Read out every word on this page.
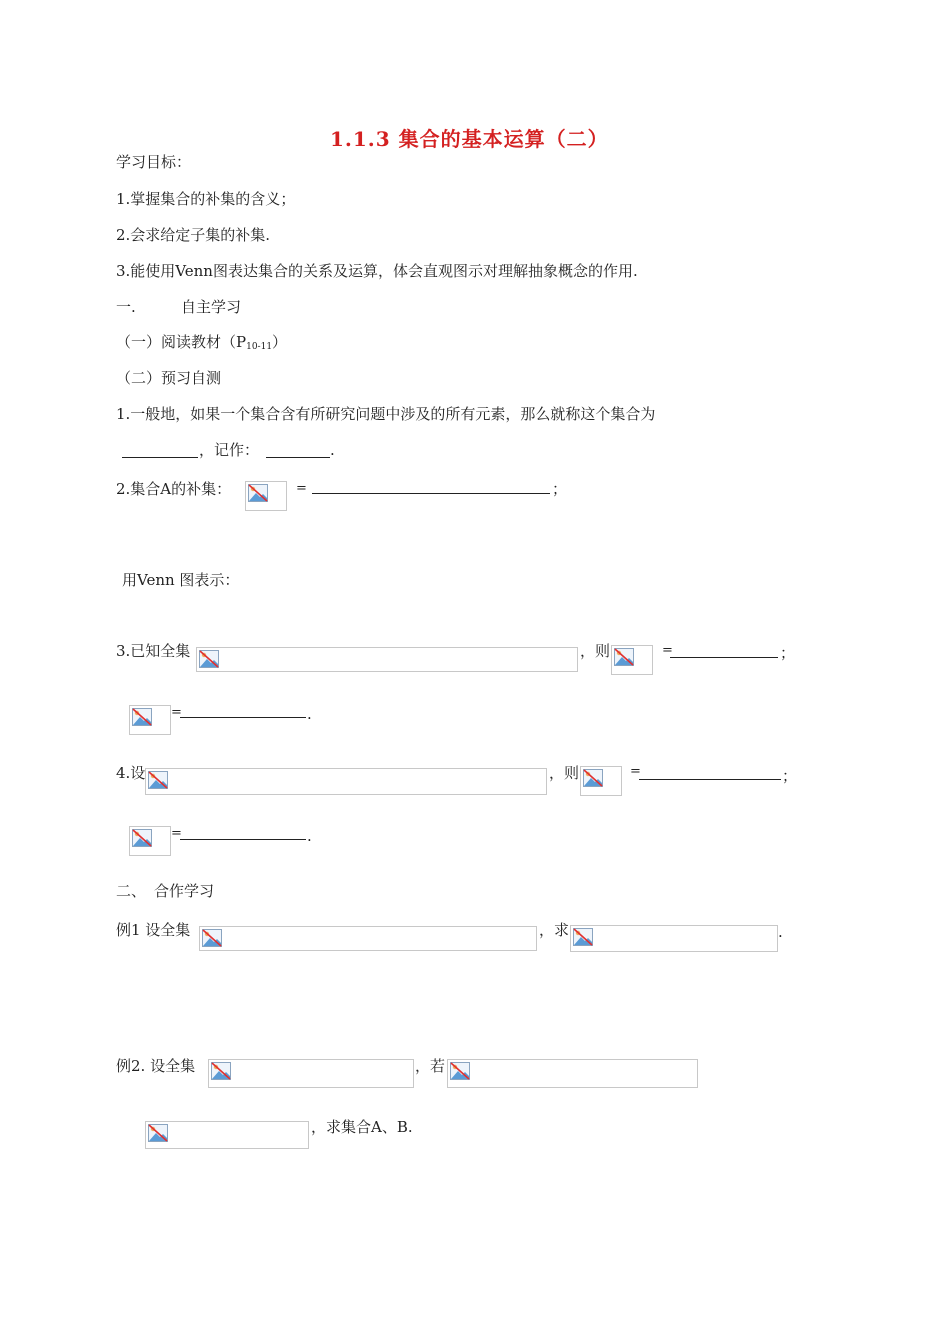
1.1.3 集合的基本运算（二）
学习目标：
1.掌握集合的补集的含义；
2.会求给定子集的补集.
3.能使用Venn图表达集合的关系及运算，体会直观图示对理解抽象概念的作用.
一.	自主学习
（一）阅读教材$(P_{10-11})$
（二）预习自测
1.一般地，如果一个集合含有所研究问题中涉及的所有元素，那么就称这个集合为
，记作：	.
2.集合A的补集：	=	；
用Venn 图表示：
3.已知全集	，则	=	；
=	.
4.设	，则	=	；
=	.
二、 合作学习
例1 设全集	，求	.
例2. 设全集	，若
，求集合A、B.
